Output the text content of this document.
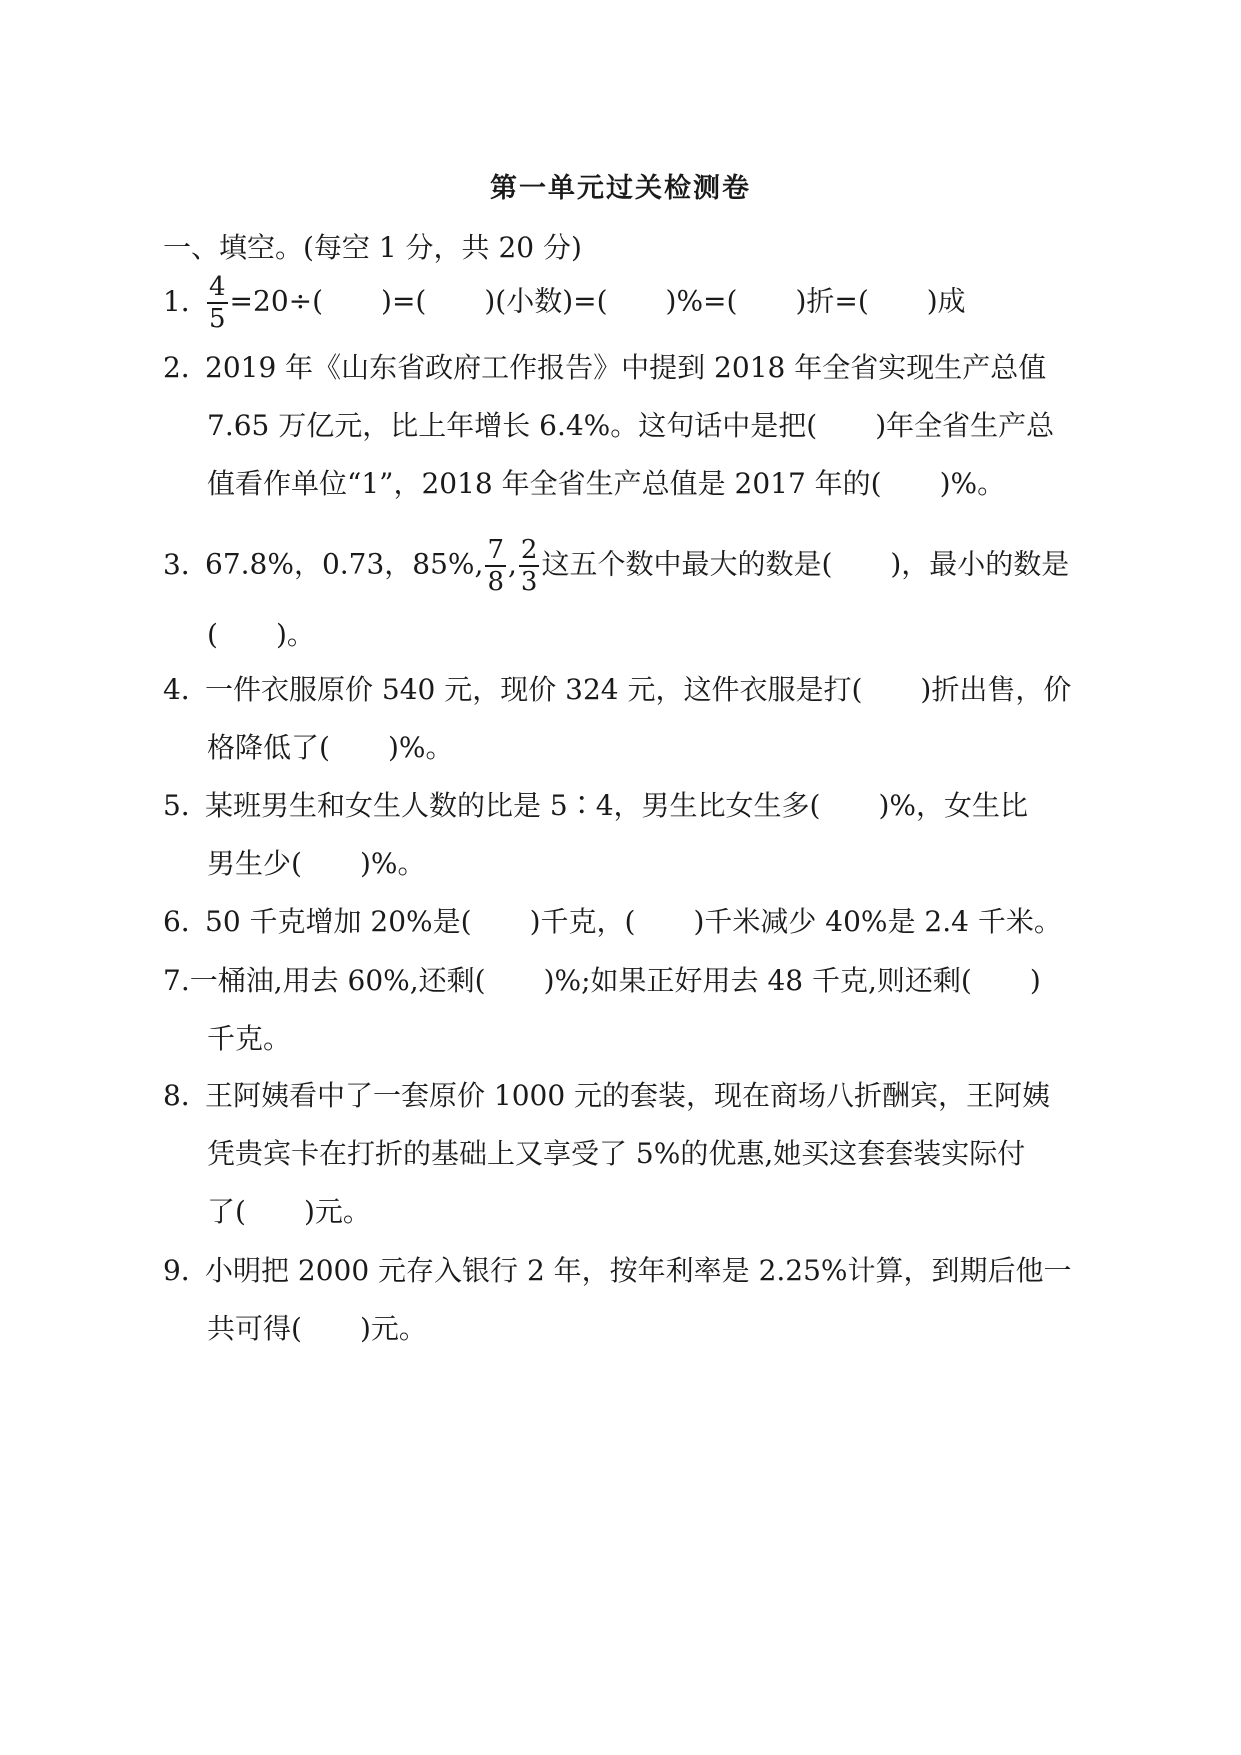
第一单元过关检测卷
一、填空。(每空 1 分，共 20 分)
1．
$\frac{4}{5} =20\div$( )=( )(小数)=( )%=( )折=( )成
2．2019 年《山东省政府工作报告》中提到 2018 年全省实现生产总值
7.65 万亿元，比上年增长 6.4%。这句话中是把( )年全省生产总
值看作单位“1”，2018 年全省生产总值是 2017 年的( )%。
3．67.8%，0.73，85%, $\frac{7}{8}$ , $\frac{2}{3}$ 这五个数中最大的数是( )，最小的数是
( )。
4．一件衣服原价 540 元，现价 324 元，这件衣服是打( )折出售，价
格降低了( )%。
5．某班男生和女生人数的比是 5∶4，男生比女生多( )%，女生比
男生少( )%。
6．50 千克增加 20%是( )千克，( )千米减少 40%是 2.4 千米。
7.一桶油,用去 60%,还剩( )%;如果正好用去 48 千克,则还剩( )
千克。
8．王阿姨看中了一套原价 1000 元的套装，现在商场八折酬宾，王阿姨
凭贵宾卡在打折的基础上又享受了 5%的优惠,她买这套套装实际付
了( )元。
9．小明把 2000 元存入银行 2 年，按年利率是 2.25%计算，到期后他一
共可得( )元。
